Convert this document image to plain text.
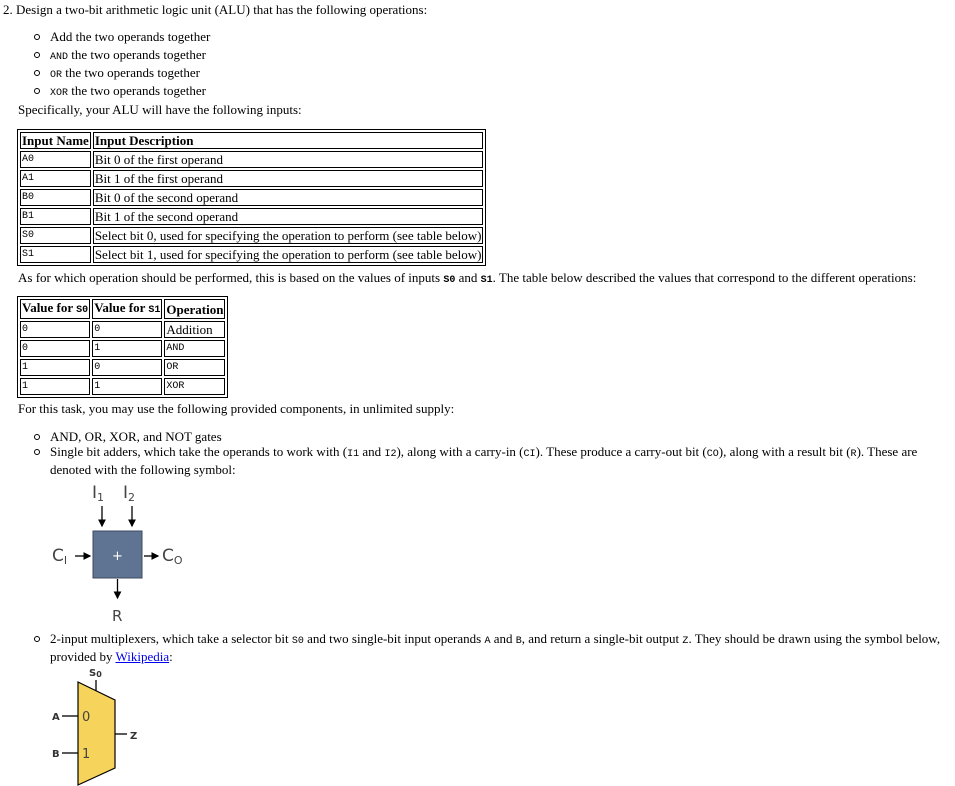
2. Design a two-bit arithmetic logic unit (ALU) that has the following operations:
Add the two operands together
AND the two operands together
OR the two operands together
XOR the two operands together
Specifically, your ALU will have the following inputs:
Input Name	Input Description
A0	Bit 0 of the first operand
A1	Bit 1 of the first operand
B0	Bit 0 of the second operand
B1	Bit 1 of the second operand
S0	Select bit 0, used for specifying the operation to perform (see table below)
S1	Select bit 1, used for specifying the operation to perform (see table below)
As for which operation should be performed, this is based on the values of inputs S0 and S1. The table below described the values that correspond to the different operations:
Value for S0	Value for S1	Operation
0	0	Addition
0	1	AND
1	0	OR
1	1	XOR
For this task, you may use the following provided components, in unlimited supply:
AND, OR, XOR, and NOT gates
Single bit adders, which take the operands to work with (I1 and I2), along with a carry-in (CI). These produce a carry-out bit (CO), along with a result bit (R). These are denoted with the following symbol:
I1 I2
+
CI	CO
R
2-input multiplexers, which take a selector bit S0 and two single-bit input operands A and B, and return a single-bit output Z. They should be drawn using the symbol below, provided by Wikipedia:
S0
A 0
B 1
Z
